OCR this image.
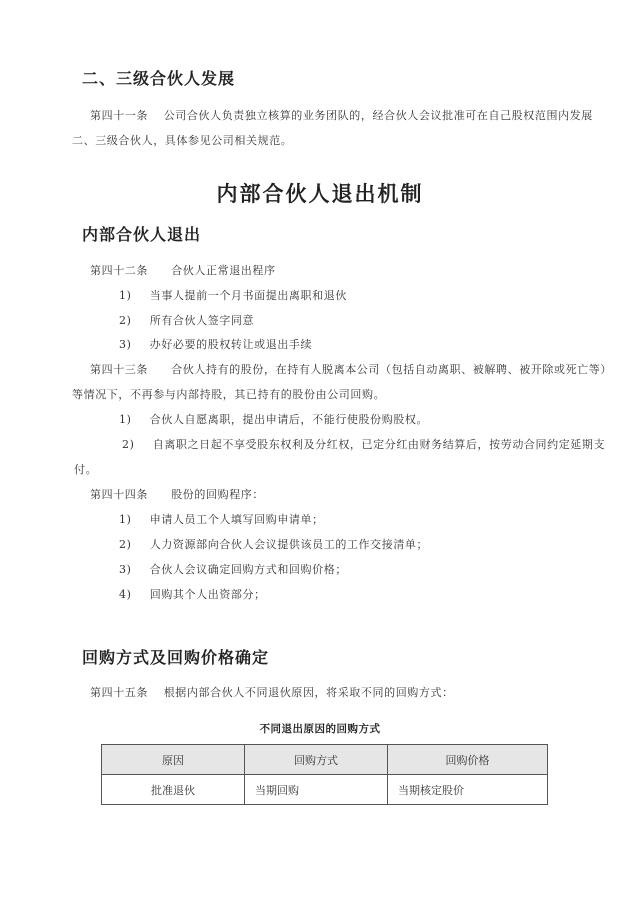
二、三级合伙人发展
第四十一条　 公司合伙人负责独立核算的业务团队的，经合伙人会议批准可在自己股权范围内发展
二、三级合伙人，具体参见公司相关规范。
内部合伙人退出机制
内部合伙人退出
第四十二条　　合伙人正常退出程序
1) 当事人提前一个月书面提出离职和退伙
2) 所有合伙人签字同意
3) 办好必要的股权转让或退出手续
第四十三条　　合伙人持有的股份，在持有人脱离本公司（包括自动离职、被解聘、被开除或死亡等）
等情况下，不再参与内部持股，其已持有的股份由公司回购。
1) 合伙人自愿离职，提出申请后，不能行使股份购股权。
2) 自离职之日起不享受股东权利及分红权，已定分红由财务结算后，按劳动合同约定延期支
付。
第四十四条　　股份的回购程序：
1) 申请人员工个人填写回购申请单；
2) 人力资源部向合伙人会议提供该员工的工作交接清单；
3) 合伙人会议确定回购方式和回购价格；
4) 回购其个人出资部分；
回购方式及回购价格确定
第四十五条　 根据内部合伙人不同退伙原因，将采取不同的回购方式：
不同退出原因的回购方式
原因	回购方式	回购价格
批准退伙	当期回购	当期核定股价
